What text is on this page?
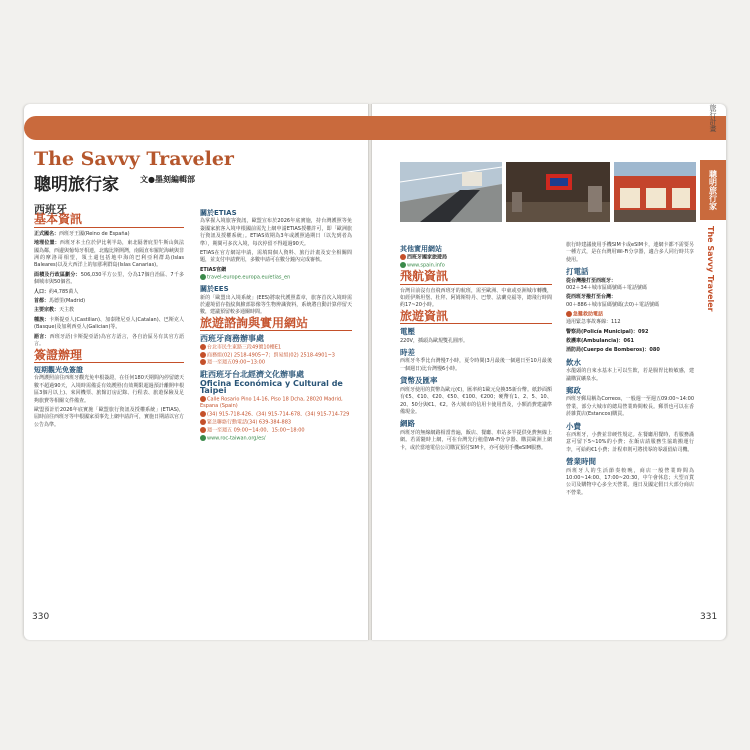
The Savvy Traveler
聰明旅行家	文●墨刻編輯部
旅行計畫
聰明旅行家
The Savvy Traveler
西班牙
基本資訊
正式國名：西班牙王國(Reino de España)
地理位置：西班牙本土位於伊比利半島，東北隔著庇里牛斯山與法國為鄰，西邊與葡萄牙相連，北臨比斯開灣，南隔直布羅陀海峽與非洲的摩洛哥相望，領土還包括地中海的巴利亞利群島(Islas Baleares)以及大西洋上的加那利群島(Islas Canarias)。
面積及行政區劃分：506,030平方公里，分為17個自治區、7千多個城市與50個省。
人口：約4,785萬人
首都：馬德里(Madrid)
主要宗教：天主教
種族：卡斯提亞人(Castilian)、加泰隆尼亞人(Catalan)、巴斯克人(Basque)及加利西亞人(Galician)等。
語言：西班牙語(卡斯提亞語)為官方語言，各自治區另有其官方語言。
簽證辦理
短期觀光免簽證
台灣護照前往西班牙觀光免申根簽證，在任何180天期間內停留總天數不超過90天，入境時需備妥有效護照(有效期限超過預計離開申根區3個月以上)、來回機票、旅館訂房記錄、行程表、旅遊保險及足夠旅費等相關文件備查。
歐盟預計於2026年底實施「歐盟旅行資訊及授權系統」(ETIAS)，屆時前往西班牙等申根國家須事先上網申請許可，實施日期請以官方公告為準。
關於ETIAS
為掌握入境旅客資訊，歐盟宣布於2026年底實施，持台灣護照等免簽國家旅客入境申根國前需先上網申請ETIAS授權許可，即「歐洲旅行資訊及授權系統」。ETIAS效期為3年或護照過期日（以先到者為準），期間可多次入境，每次停留不得超過90天。
ETIAS在官方網站申請，需填寫個人資料、旅行計畫及安全相關問題，並支付申請費用，多數申請可在數分鐘內完成審核。
ETIAS官網
travel-europe.europa.eu/etias_en
關於EES
新的「歐盟出入境系統」(EES)將取代護照蓋章，旅客首次入境時需於邊境留存指紋與臉部影像等生物辨識資料，系統將自動計算停留天數，建議預留較多通關時間。
旅遊諮詢與實用網站
西班牙商務辦事處
台北市民生東路三段49號10樓E1
商務組(02) 2518-4905~7；貿易組(02) 2518-4901~3
週一至週五09:00~13:00
駐西班牙台北經濟文化辦事處
Oficina Económica y Cultural de Taipei
Calle Rosario Pino 14-16, Piso 18 Dcha, 28020 Madrid, Espana (Spain)
(34) 915-718-426、(34) 915-714-678、(34) 915-714-729
緊急聯絡行動電話(34) 639-384-883
週一至週五 09:00~14:00、15:00~18:00
www.roc-taiwan.org/es/
其他實用網站
西班牙國家旅遊局
www.spain.info
飛航資訊
台灣目前沒有直飛西班牙的航班，需至歐洲、中東或亞洲城市轉機，如經伊斯坦堡、杜拜、阿姆斯特丹、巴黎、法蘭克福等，總飛行時間約17~20小時。
旅遊資訊
電壓
220V，插頭為歐規雙孔圓形。
時差
西班牙冬季比台灣慢7小時，夏令時間(3月最後一個週日至10月最後一個週日)比台灣慢6小時。
貨幣及匯率
西班牙使用的貨幣為歐元(€)，匯率約1歐元兌換35新台幣。紙鈔面額有€5、€10、€20、€50、€100、€200；硬幣有1、2、5、10、20、50分與€1、€2。各大城市的信用卡使用普及，小額消費建議準備現金。
網路
西班牙的無線網路相當普遍，飯店、餐廳、車站多半提供免費無線上網。若需隨時上網，可在台灣先行租借Wi-Fi分享器、購買歐洲上網卡，或於當地電信公司購買預付SIM卡，亦可使用手機eSIM服務。
旅行時建議使用手機SIM卡或eSIM卡，連網卡都不需要另一種方式，是在台灣用Wi-Fi分享器，適合多人同行時共享使用。
打電話
從台灣撥打至西班牙：
002＋34＋城市區碼號碼＋電話號碼
從西班牙撥打至台灣：
00＋886＋城市區碼號碼(去0)＋電話號碼
急難救助電話
通用緊急事故專線：112
警察局(Policía Municipal)：092
救護車(Ambulancia)：061
消防局(Cuerpo de Bomberos)：080
飲水
水龍頭的自來水基本上可以生飲，若是腸胃比較敏感，建議購買礦泉水。
郵政
西班牙郵局稱為Correos，一般週一至週五09:00~14:00營業，部分大城市的總局營業時間較長。郵票也可以在香菸雜貨店(Estancos)購買。
小費
在西班牙，小費並非硬性規定。在餐廳用餐時，若服務滿意可留下5~10%的小費；在飯店請服務生協助搬運行李，可給約€1小費；計程車則可將找零的零頭留給司機。
營業時間
西班牙人的生活節奏較晚，商店一般營業時間為10:00~14:00、17:00~20:30，中午會休息；大型百貨公司及購物中心多全天營業。週日及國定假日大部分商店不營業。
330	331
